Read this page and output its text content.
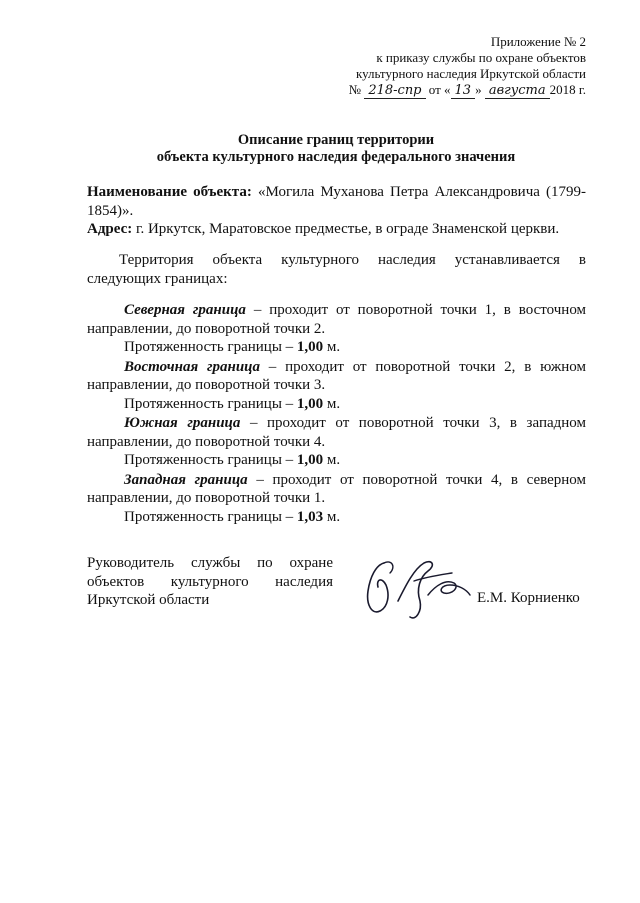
Приложение № 2
к приказу службы по охране объектов
культурного наследия Иркутской области
№ 218-спр от « 13 » августа 2018 г.
Описание границ территории
объекта культурного наследия федерального значения
Наименование объекта: «Могила Муханова Петра Александровича (1799-1854)».
Адрес: г. Иркутск, Маратовское предместье, в ограде Знаменской церкви.
Территория объекта культурного наследия устанавливается в следующих границах:

Северная граница – проходит от поворотной точки 1, в восточном направлении, до поворотной точки 2.

Протяженность границы – 1,00 м.

Восточная граница – проходит от поворотной точки 2, в южном направлении, до поворотной точки 3.

Протяженность границы – 1,00 м.

Южная граница – проходит от поворотной точки 3, в западном направлении, до поворотной точки 4.

Протяженность границы – 1,00 м.

Западная граница – проходит от поворотной точки 4, в северном направлении, до поворотной точки 1.

Протяженность границы – 1,03 м.

Руководитель службы по охране
объектов культурного наследия
Иркутской области	Е.М. Корниенко
